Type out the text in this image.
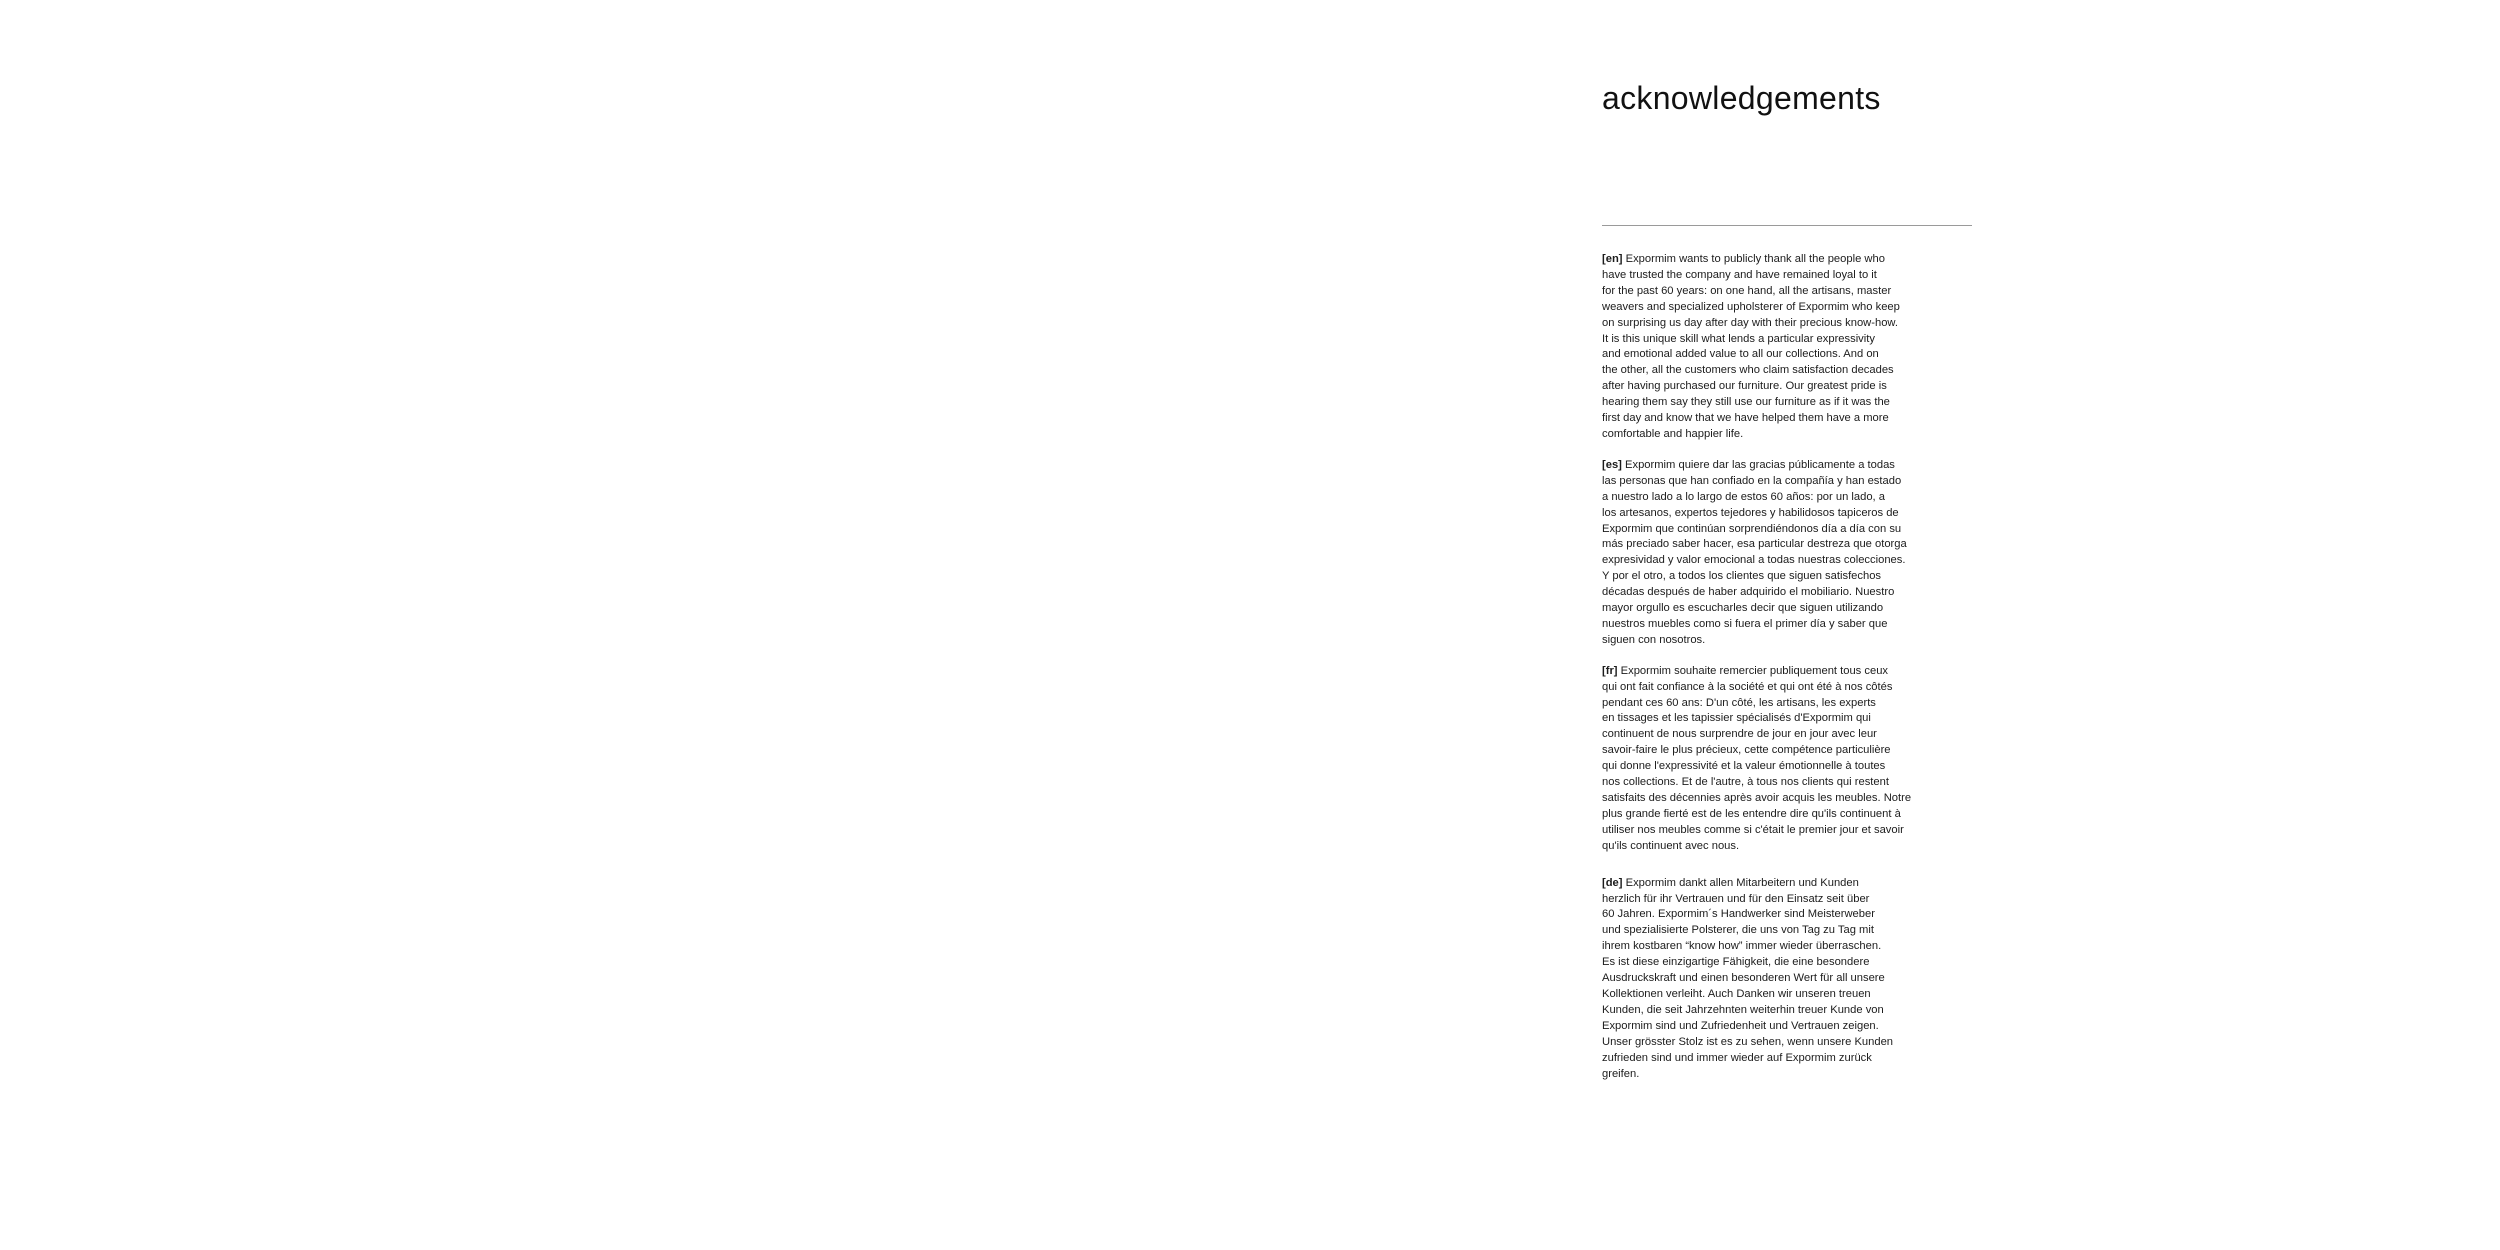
acknowledgements

[en] Expormim wants to publicly thank all the people who
have trusted the company and have remained loyal to it
for the past 60 years: on one hand, all the artisans, master
weavers and specialized upholsterer of Expormim who keep
on surprising us day after day with their precious know-how.
It is this unique skill what lends a particular expressivity
and emotional added value to all our collections. And on
the other, all the customers who claim satisfaction decades
after having purchased our furniture. Our greatest pride is
hearing them say they still use our furniture as if it was the
first day and know that we have helped them have a more
comfortable and happier life.

[es] Expormim quiere dar las gracias públicamente a todas
las personas que han confiado en la compañía y han estado
a nuestro lado a lo largo de estos 60 años: por un lado, a
los artesanos, expertos tejedores y habilidosos tapiceros de
Expormim que continúan sorprendiéndonos día a día con su
más preciado saber hacer, esa particular destreza que otorga
expresividad y valor emocional a todas nuestras colecciones.
Y por el otro, a todos los clientes que siguen satisfechos
décadas después de haber adquirido el mobiliario. Nuestro
mayor orgullo es escucharles decir que siguen utilizando
nuestros muebles como si fuera el primer día y saber que
siguen con nosotros.

[fr] Expormim souhaite remercier publiquement tous ceux
qui ont fait confiance à la société et qui ont été à nos côtés
pendant ces 60 ans: D'un côté, les artisans, les experts
en tissages et les tapissier spécialisés d'Expormim qui
continuent de nous surprendre de jour en jour avec leur
savoir-faire le plus précieux, cette compétence particulière
qui donne l'expressivité et la valeur émotionnelle à toutes
nos collections. Et de l'autre, à tous nos clients qui restent
satisfaits des décennies après avoir acquis les meubles. Notre
plus grande fierté est de les entendre dire qu'ils continuent à
utiliser nos meubles comme si c'était le premier jour et savoir
qu'ils continuent avec nous.

[de] Expormim dankt allen Mitarbeitern und Kunden
herzlich für ihr Vertrauen und für den Einsatz seit über
60 Jahren. Expormim´s Handwerker sind Meisterweber
und spezialisierte Polsterer, die uns von Tag zu Tag mit
ihrem kostbaren “know how” immer wieder überraschen.
Es ist diese einzigartige Fähigkeit, die eine besondere
Ausdruckskraft und einen besonderen Wert für all unsere
Kollektionen verleiht. Auch Danken wir unseren treuen
Kunden, die seit Jahrzehnten weiterhin treuer Kunde von
Expormim sind und Zufriedenheit und Vertrauen zeigen.
Unser grösster Stolz ist es zu sehen, wenn unsere Kunden
zufrieden sind und immer wieder auf Expormim zurück
greifen.
